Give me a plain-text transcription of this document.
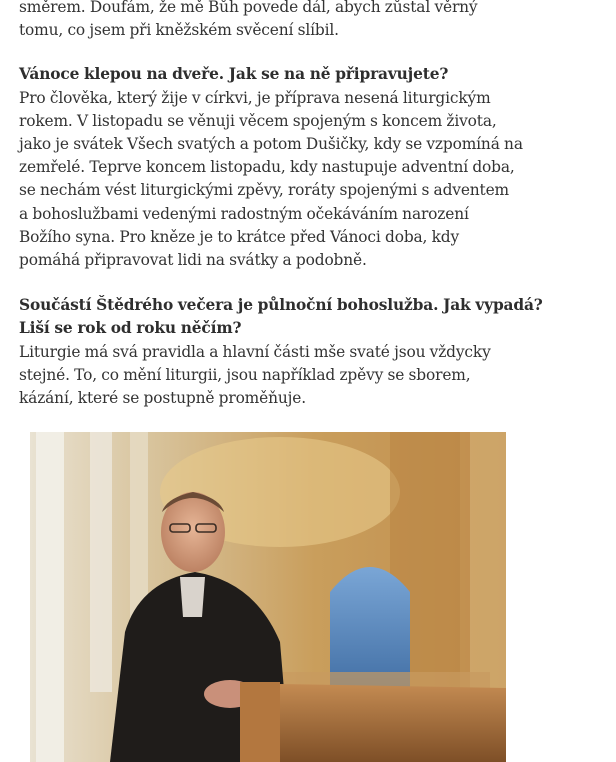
směrem. Doufám, že mě Bůh povede dál, abych zůstal věrný
tomu, co jsem při kněžském svěcení slíbil.

Vánoce klepou na dveře. Jak se na ně připravujete?

Pro člověka, který žije v církvi, je příprava nesená liturgickým
rokem. V listopadu se věnuji věcem spojeným s koncem života,
jako je svátek Všech svatých a potom Dušičky, kdy se vzpomíná na
zemřelé. Teprve koncem listopadu, kdy nastupuje adventní doba,
se nechám vést liturgickými zpěvy, roráty spojenými s adventem
a bohoslužbami vedenými radostným očekáváním narození
Božího syna. Pro kněze je to krátce před Vánoci doba, kdy
pomáhá připravovat lidi na svátky a podobně.

Součástí Štědrého večera je půlnoční bohoslužba. Jak vypadá?
Liší se rok od roku něčím?

Liturgie má svá pravidla a hlavní části mše svaté jsou vždycky
stejné. To, co mění liturgii, jsou například zpěvy se sborem,
kázání, které se postupně proměňuje.
